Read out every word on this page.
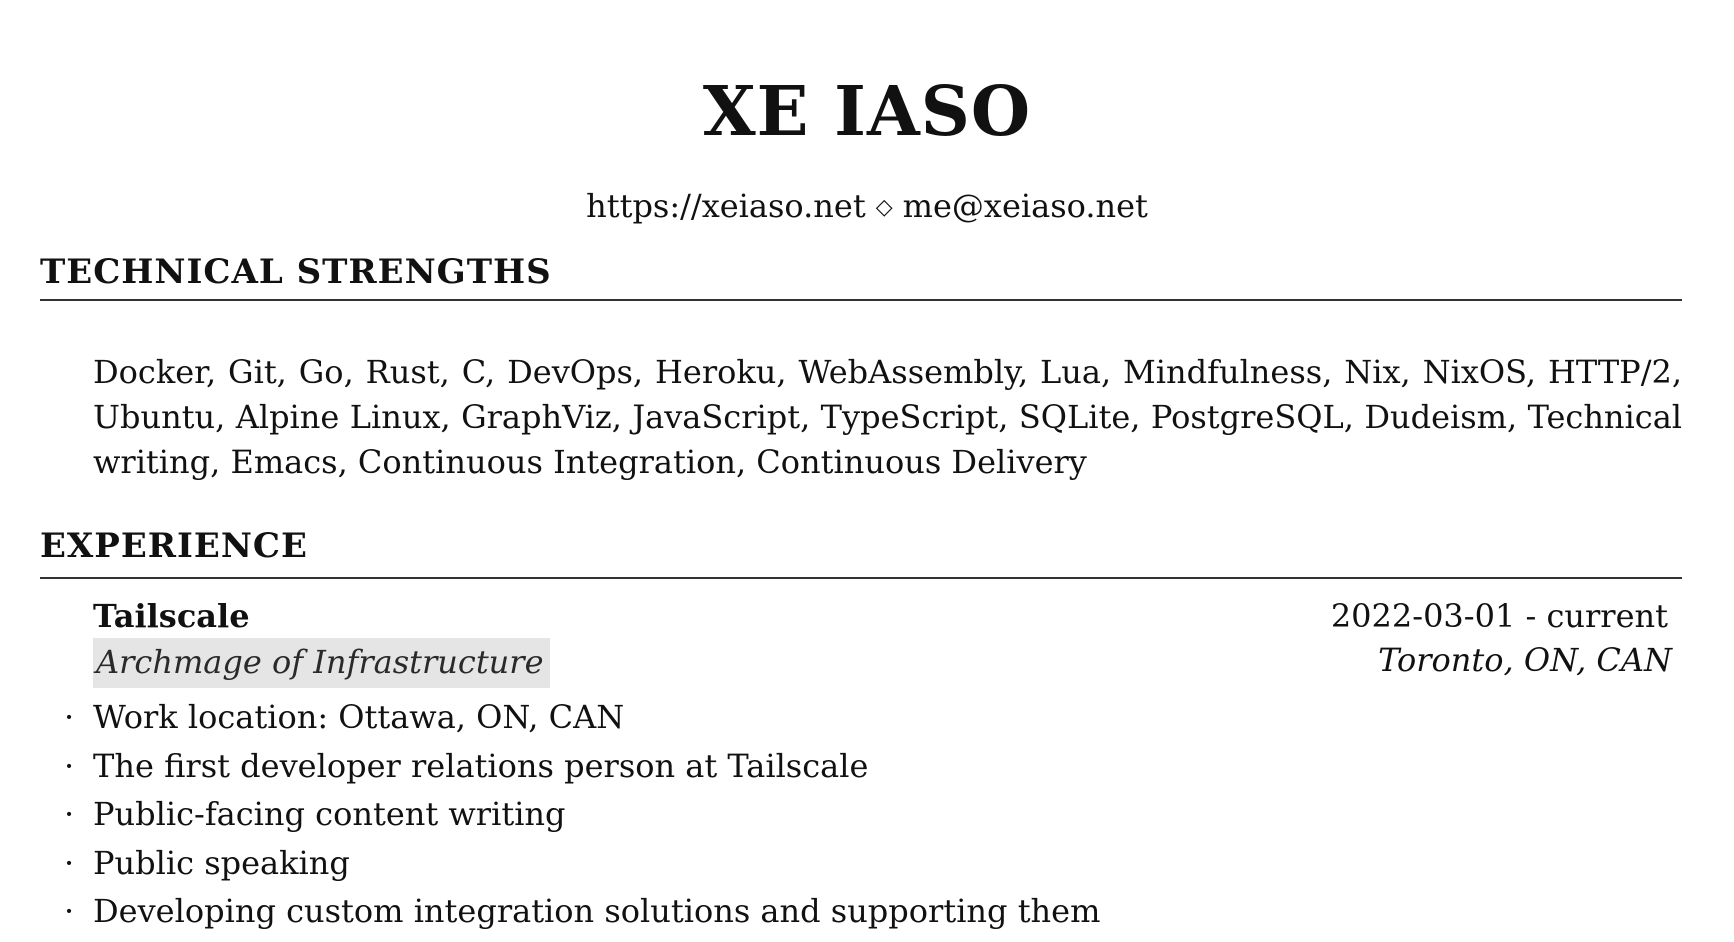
XE IASO
https://xeiaso.net ◇ me@xeiaso.net
TECHNICAL STRENGTHS
Docker, Git, Go, Rust, C, DevOps, Heroku, WebAssembly, Lua, Mindfulness, Nix, NixOS, HTTP/2, Ubuntu, Alpine Linux, GraphViz, JavaScript, TypeScript, SQLite, PostgreSQL, Dudeism, Technical writing, Emacs, Continuous Integration, Continuous Delivery
EXPERIENCE
Tailscale
Archmage of Infrastructure
2022-03-01 - current
Toronto, ON, CAN
· Work location: Ottawa, ON, CAN
· The first developer relations person at Tailscale
· Public-facing content writing
· Public speaking
· Developing custom integration solutions and supporting them
